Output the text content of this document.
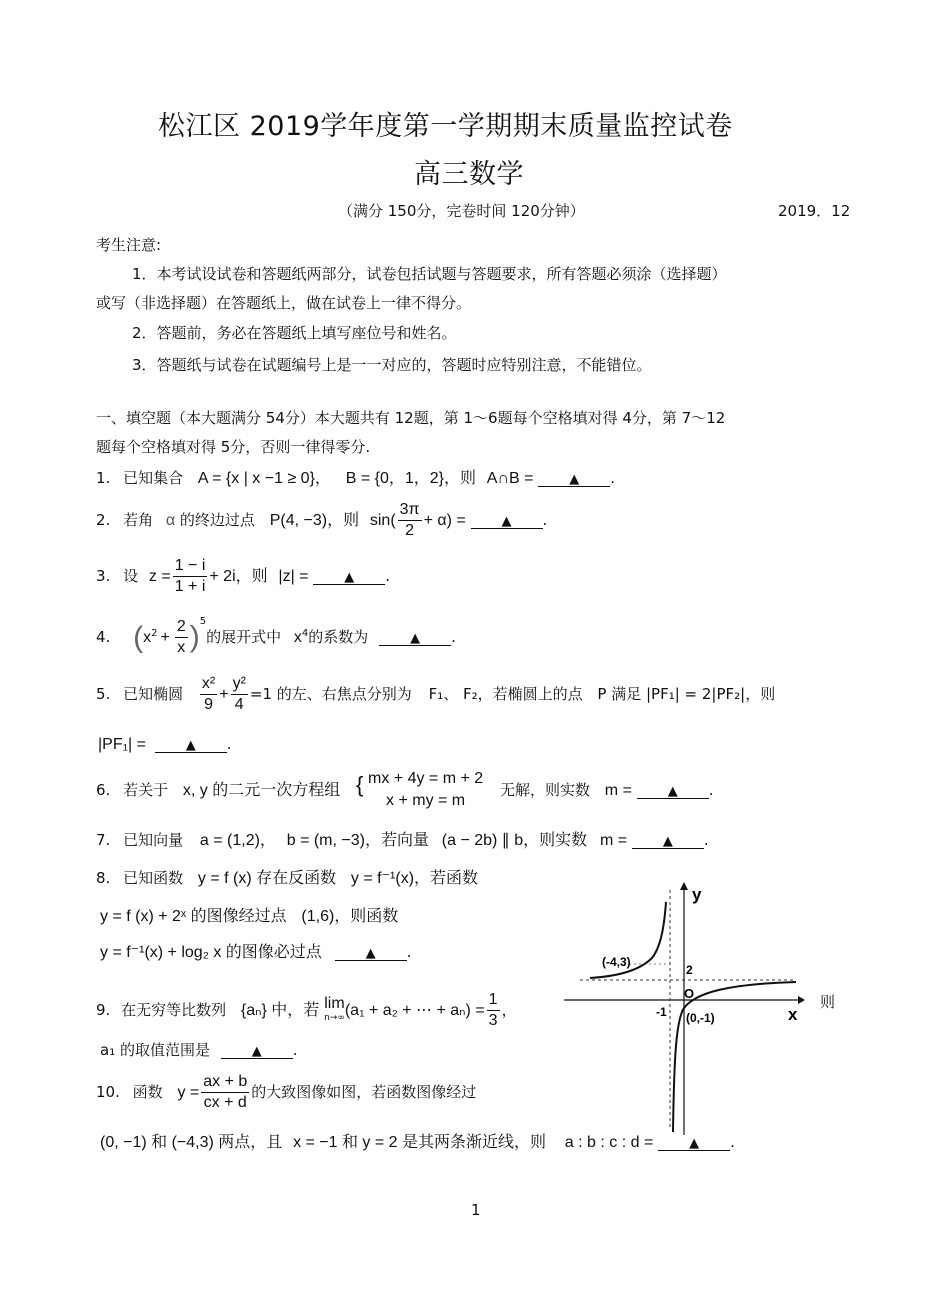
松江区 2019学年度第一学期期末质量监控试卷
高三数学
（满分 150分，完卷时间 120分钟）	2019．12
考生注意:
1．本考试设试卷和答题纸两部分，试卷包括试题与答题要求，所有答题必须涂（选择题）
或写（非选择题）在答题纸上，做在试卷上一律不得分。
2．答题前，务必在答题纸上填写座位号和姓名。
3．答题纸与试卷在试题编号上是一一对应的，答题时应特别注意，不能错位。
一、填空题（本大题满分 54分）本大题共有 12题，第 1～6题每个空格填对得 4分，第 7～12
题每个空格填对得 5分，否则一律得零分.
1. 已知集合 A = {x | x −1 ≥ 0}， B = {0，1，2}，则 A∩B =	▲ .
2. 若角 α 的终边过点 P(4, −3)，则 $\sin( \frac{3\pi}{2} + \alpha)$ =	▲ .
3. 设 $z = \frac{1 - i}{1 + i} + 2i$，则 |z| =	▲ .
4. $(x^2 + \frac{2}{x} )^5$的展开式中 $x^4$的系数为	▲ .
5. 已知椭圆 $\frac{\text{x²}}{9} + \frac{\text{y²}}{4} =1$ 的左、右焦点分别为 F₁、 F₂，若椭圆上的点 P 满足 |PF₁| = 2|PF₂|，则
|PF₁| =	▲ .
6. 若关于 x, y 的二元一次方程组 { mx + 4y = m + 2
x + my = m
无解，则实数 m =	▲ .
7. 已知向量 a = (1,2)， b = (m, −3)，若向量 (a − 2b) ∥ b，则实数 m =	▲ .
8. 已知函数 y = f (x) 存在反函数 y = f⁻¹(x)，若函数
y = f (x) + 2ˣ 的图像经过点 (1,6)，则函数
y = f⁻¹(x) + log₂ x 的图像必过点	▲ .
9. 在无穷等比数列 {aₙ} 中，若 lim
n→∞ (a₁ + a₂ + ⋯ + $a_n) = \frac{1}{3}$ ，	则
a₁ 的取值范围是	▲ .
10. 函数 $y = \frac{ax + b}{cx + d}$ 的大致图像如图，若函数图像经过
(0, −1) 和 (−4,3) 两点，且 x = −1 和 y = 2 是其两条渐近线，则 a : b : c : d =	▲ .
y
x
O
(-4,3)
(0,-1)
2
-1
1
